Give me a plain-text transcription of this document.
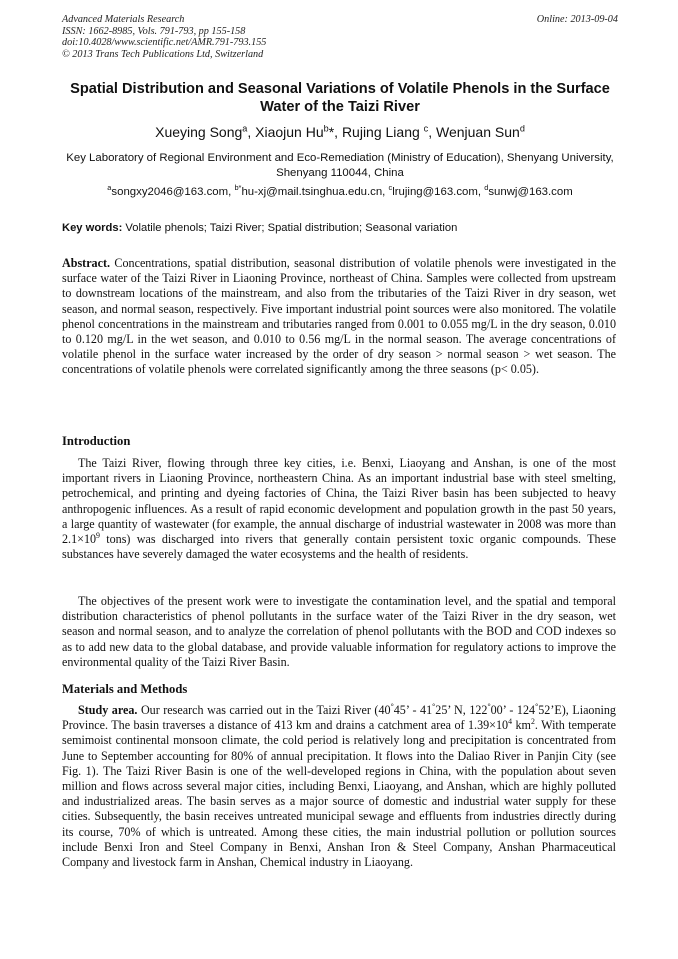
Advanced Materials Research
ISSN: 1662-8985, Vols. 791-793, pp 155-158
doi:10.4028/www.scientific.net/AMR.791-793.155
© 2013 Trans Tech Publications Ltd, Switzerland
Online: 2013-09-04
Spatial Distribution and Seasonal Variations of Volatile Phenols in the Surface Water of the Taizi River
Xueying Song$^a$, Xiaojun Hu$^b$*, Rujing Liang $^c$, Wenjuan Sun$^d$
Key Laboratory of Regional Environment and Eco-Remediation (Ministry of Education), Shenyang University, Shenyang 110044, China
$^a$songxy2046@163.com, $^{b*}$hu-xj@mail.tsinghua.edu.cn, $^c$lrujing@163.com, $^d$sunwj@163.com
Key words: Volatile phenols; Taizi River; Spatial distribution; Seasonal variation
Abstract. Concentrations, spatial distribution, seasonal distribution of volatile phenols were investigated in the surface water of the Taizi River in Liaoning Province, northeast of China. Samples were collected from upstream to downstream locations of the mainstream, and also from the tributaries of the Taizi River in dry season, wet season, and normal season, respectively. Five important industrial point sources were also monitored. The volatile phenol concentrations in the mainstream and tributaries ranged from 0.001 to 0.055 mg/L in the dry season, 0.010 to 0.120 mg/L in the wet season, and 0.010 to 0.56 mg/L in the normal season. The average concentrations of volatile phenol in the surface water increased by the order of dry season > normal season > wet season. The concentrations of volatile phenols were correlated significantly among the three seasons (p< 0.05).
Introduction
The Taizi River, flowing through three key cities, i.e. Benxi, Liaoyang and Anshan, is one of the most important rivers in Liaoning Province, northeastern China. As an important industrial base with steel smelting, petrochemical, and printing and dyeing factories of China, the Taizi River basin has been subjected to heavy anthropogenic influences. As a result of rapid economic development and population growth in the past 50 years, a large quantity of wastewater (for example, the annual discharge of industrial wastewater in 2008 was more than $2.1\times 10^9$ tons) was discharged into rivers that generally contain persistent toxic organic compounds. These substances have severely damaged the water ecosystems and the health of residents.
The objectives of the present work were to investigate the contamination level, and the spatial and temporal distribution characteristics of phenol pollutants in the surface water of the Taizi River in the dry season, wet season and normal season, and to analyze the correlation of phenol pollutants with the BOD and COD indexes so as to add new data to the global database, and provide valuable information for regulatory actions to improve the environmental quality of the Taizi River Basin.
Materials and Methods
Study area. Our research was carried out in the Taizi River (40°45’ - 41°25’ N, 122°00’ - 124°52’E), Liaoning Province. The basin traverses a distance of 413 km and drains a catchment area of $1.39\times 10^4$ $km^2$. With temperate semimoist continental monsoon climate, the cold period is relatively long and precipitation is concentrated from June to September accounting for 80% of annual precipitation. It flows into the Daliao River in Panjin City (see Fig. 1). The Taizi River Basin is one of the well-developed regions in China, with the population about seven million and flows across several major cities, including Benxi, Liaoyang, and Anshan, which are highly polluted and industrialized areas. The basin serves as a major source of domestic and industrial water supply for these cities. Subsequently, the basin receives untreated municipal sewage and effluents from industries directly during its course, 70% of which is untreated. Among these cities, the main industrial pollution or pollution sources include Benxi Iron and Steel Company in Benxi, Anshan Iron & Steel Company, Anshan Pharmaceutical Company and livestock farm in Anshan, Chemical industry in Liaoyang.
